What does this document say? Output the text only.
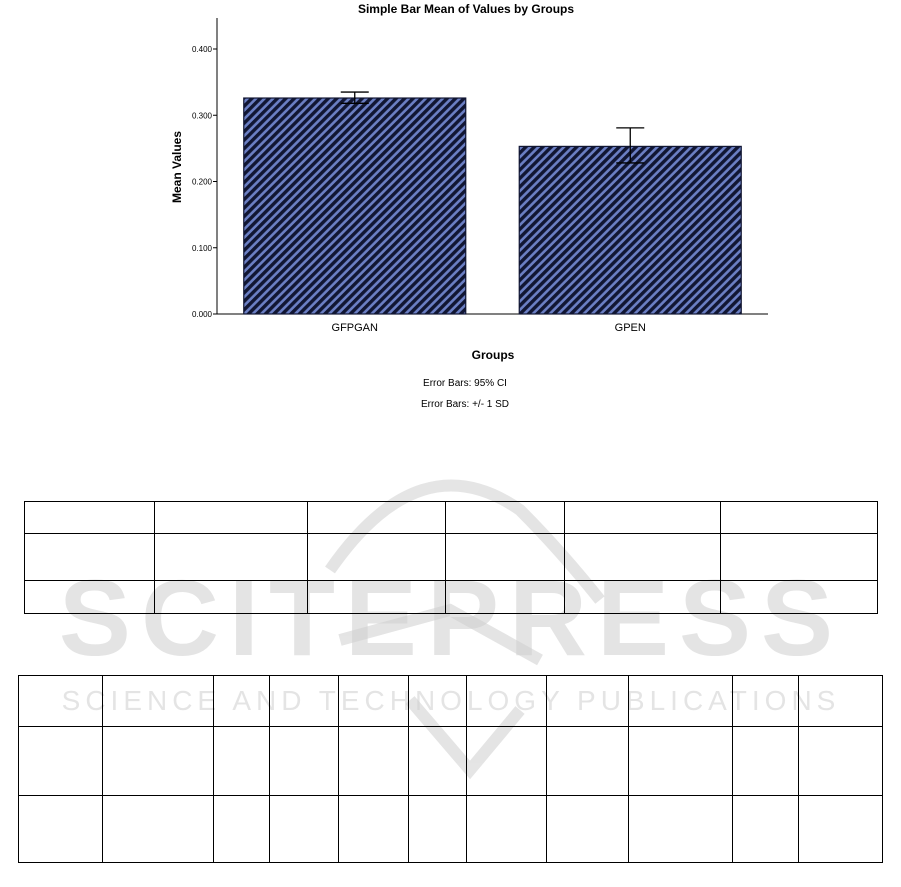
Simple Bar Mean of Values by Groups
0.000
0.100
0.200
0.300
0.400
GFPGAN	GPEN
Mean Values
Groups
Error Bars: 95% CI
Error Bars: +/- 1 SD
SCITEPRESS
SCIENCE AND TECHNOLOGY PUBLICATIONS
